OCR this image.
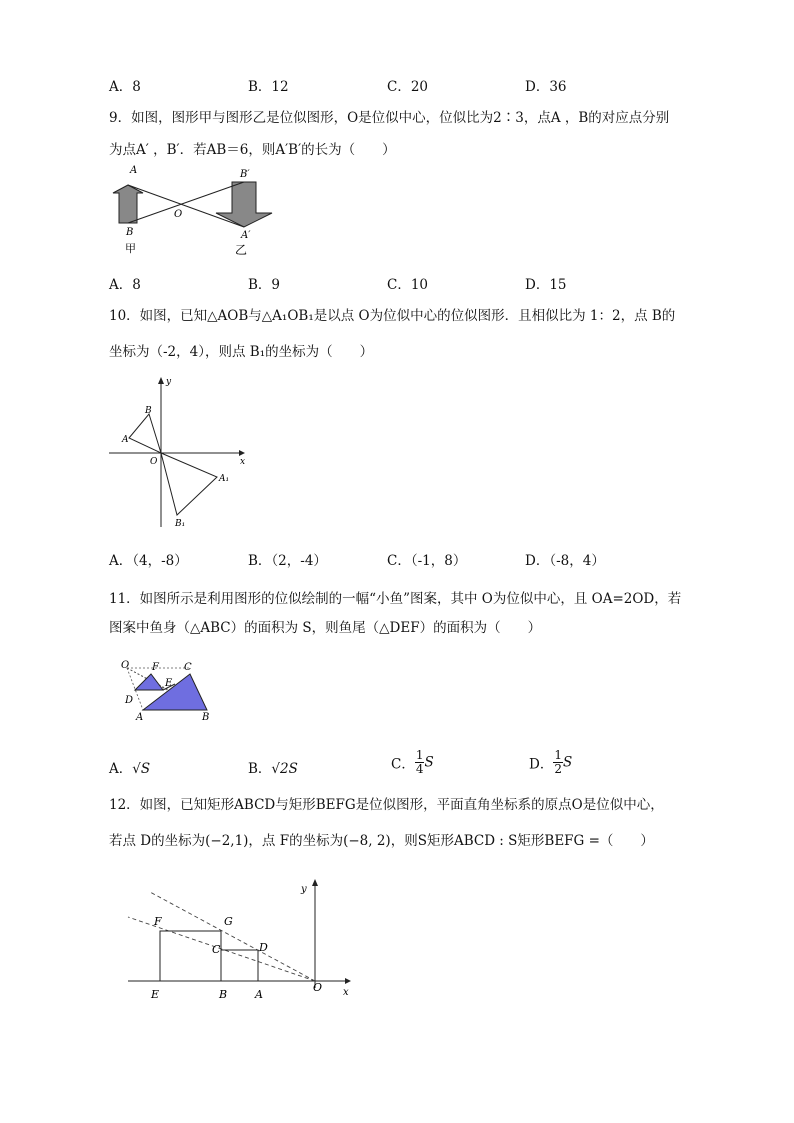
A．8	B．12	C．20	D．36
9．如图，图形甲与图形乙是位似图形，O是位似中心，位似比为2∶3，点A ，B的对应点分别
为点A′ ，B′．若AB＝6，则A′B′的长为（　　）
A
B
O
B′
A′
甲	乙
A．8	B．9	C．10	D．15
10．如图，已知△AOB与△A₁OB₁是以点 O为位似中心的位似图形．且相似比为 1：2，点 B的
坐标为（-2，4），则点 B₁的坐标为（　　）
y
x
B
A
O
A₁
B₁
A．（4，-8）	B．（2，-4）	C．（-1，8）	D．（-8，4）
11．如图所示是利用图形的位似绘制的一幅“小鱼”图案，其中 O为位似中心，且 OA=2OD，若
图案中鱼身（△ABC）的面积为 S，则鱼尾（△DEF）的面积为（　　）
O F	C
E
D
A	B
A．√S	B．√2S	C． $\frac{1}{4}$ S	D． $\frac{1}{2}$ S
12．如图，已知矩形ABCD与矩形BEFG是位似图形，平面直角坐标系的原点O是位似中心，
若点 D的坐标为(−2,1)，点 F的坐标为(−8, 2)，则S矩形ABCD : S矩形BEFG =（　　）
y
x
F	G
C	D
E	B	A
O
